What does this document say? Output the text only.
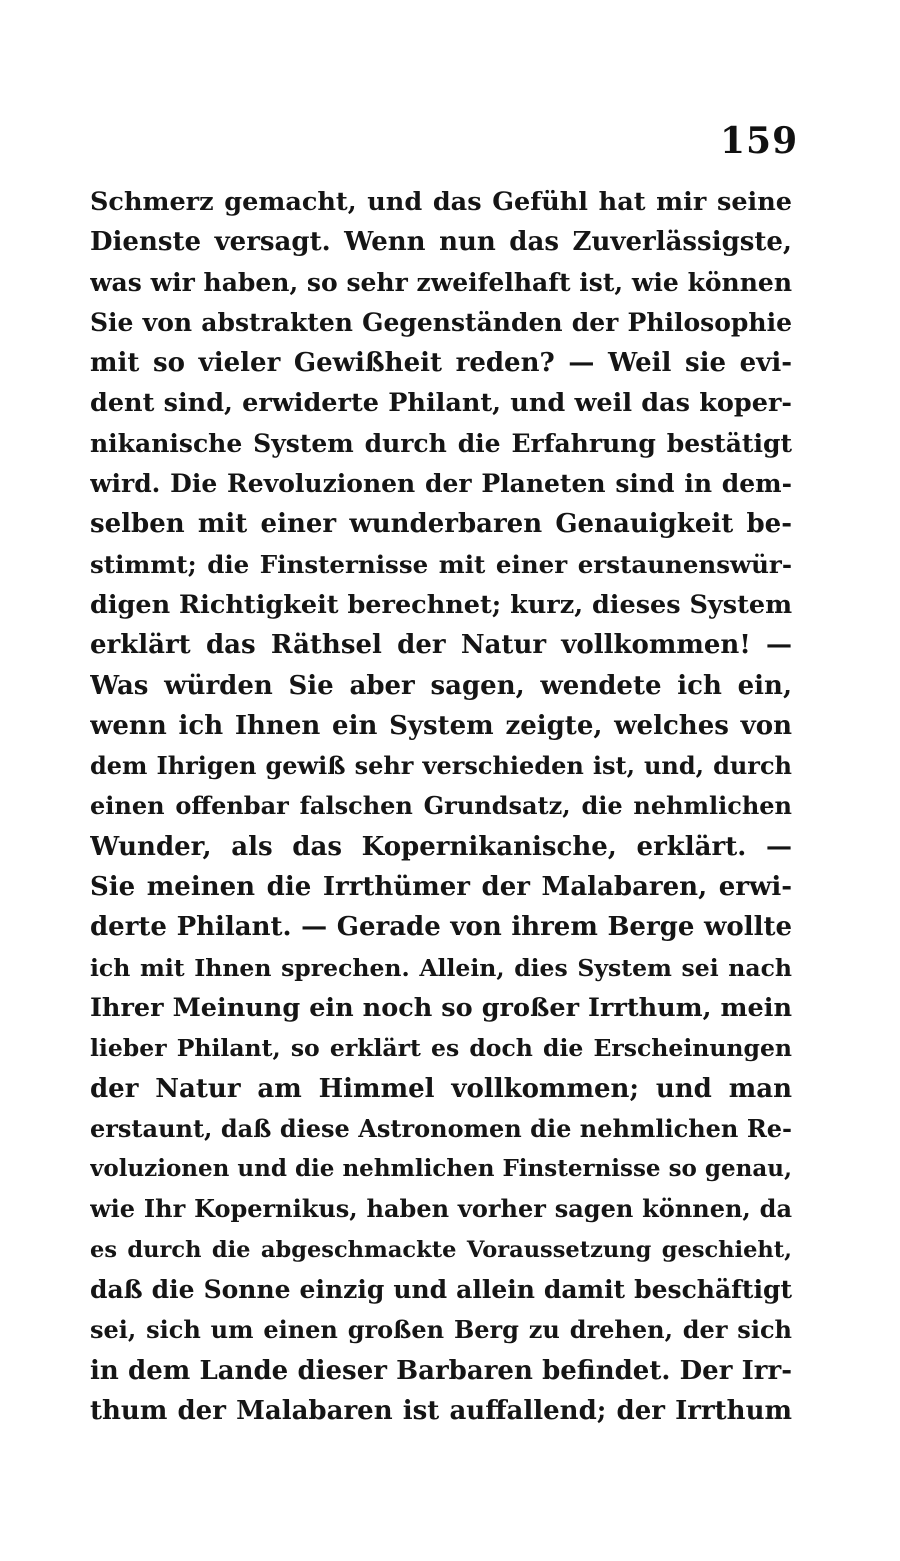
159
Schmerz gemacht, und das Gefühl hat mir seine
Dienste versagt. Wenn nun das Zuverlässigste,
was wir haben, so sehr zweifelhaft ist, wie können
Sie von abstrakten Gegenständen der Philosophie
mit so vieler Gewißheit reden? — Weil sie evi-
dent sind, erwiderte Philant, und weil das koper-
nikanische System durch die Erfahrung bestätigt
wird. Die Revoluzionen der Planeten sind in dem-
selben mit einer wunderbaren Genauigkeit be-
stimmt; die Finsternisse mit einer erstaunenswür-
digen Richtigkeit berechnet; kurz, dieses System
erklärt das Räthsel der Natur vollkommen! —
Was würden Sie aber sagen, wendete ich ein,
wenn ich Ihnen ein System zeigte, welches von
dem Ihrigen gewiß sehr verschieden ist, und, durch
einen offenbar falschen Grundsatz, die nehmlichen
Wunder, als das Kopernikanische, erklärt. —
Sie meinen die Irrthümer der Malabaren, erwi-
derte Philant. — Gerade von ihrem Berge wollte
ich mit Ihnen sprechen. Allein, dies System sei nach
Ihrer Meinung ein noch so großer Irrthum, mein
lieber Philant, so erklärt es doch die Erscheinungen
der Natur am Himmel vollkommen; und man
erstaunt, daß diese Astronomen die nehmlichen Re-
voluzionen und die nehmlichen Finsternisse so genau,
wie Ihr Kopernikus, haben vorher sagen können, da
es durch die abgeschmackte Voraussetzung geschieht,
daß die Sonne einzig und allein damit beschäftigt
sei, sich um einen großen Berg zu drehen, der sich
in dem Lande dieser Barbaren befindet. Der Irr-
thum der Malabaren ist auffallend; der Irrthum
